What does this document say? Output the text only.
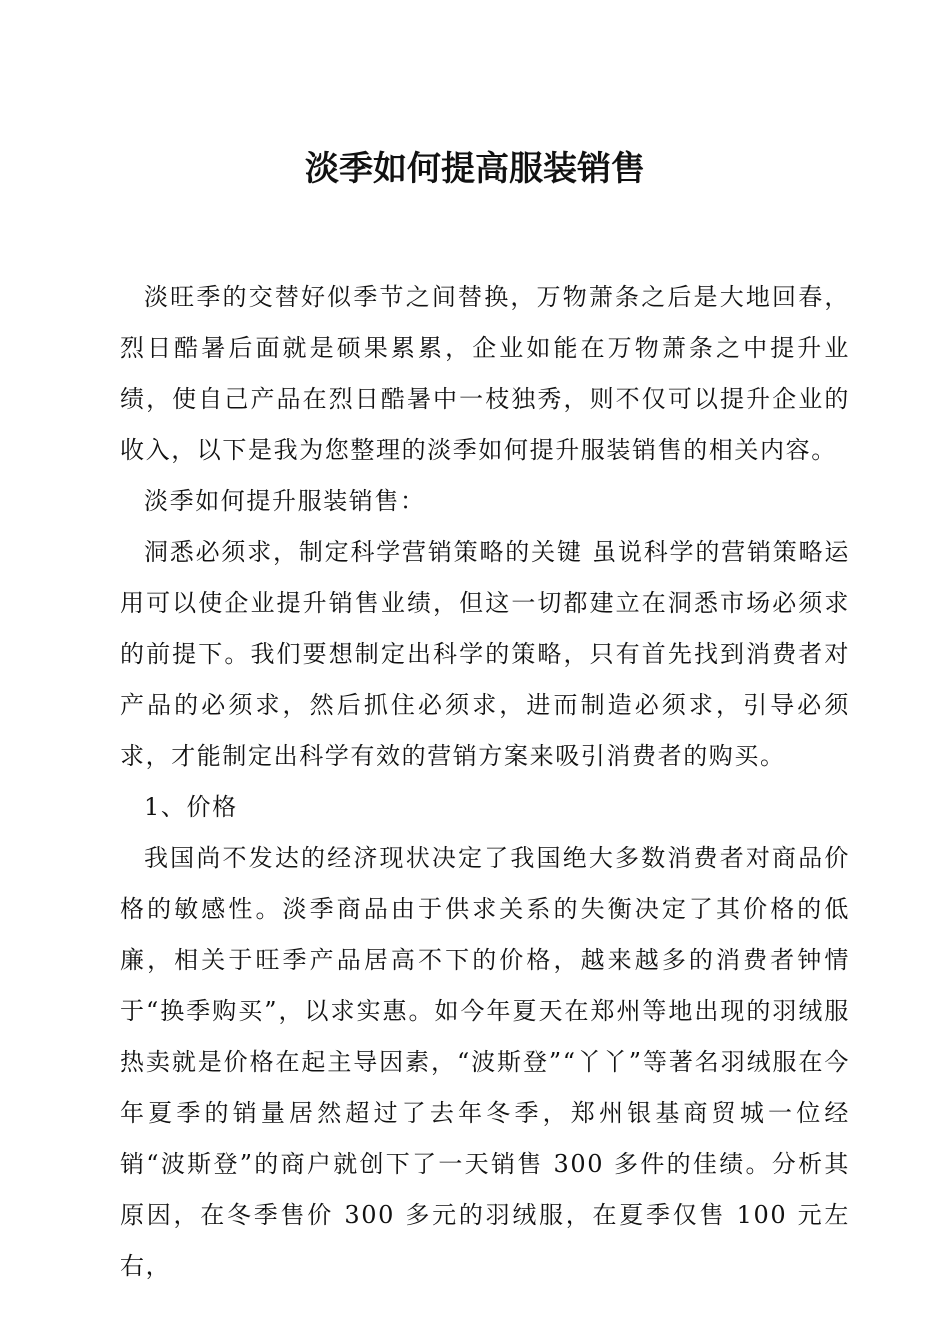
淡季如何提高服装销售

淡旺季的交替好似季节之间替换，万物萧条之后是大地回春，烈日酷暑后面就是硕果累累，企业如能在万物萧条之中提升业绩，使自己产品在烈日酷暑中一枝独秀，则不仅可以提升企业的收入，以下是我为您整理的淡季如何提升服装销售的相关内容。

淡季如何提升服装销售：

洞悉必须求，制定科学营销策略的关键 虽说科学的营销策略运用可以使企业提升销售业绩，但这一切都建立在洞悉市场必须求的前提下。我们要想制定出科学的策略，只有首先找到消费者对产品的必须求，然后抓住必须求，进而制造必须求，引导必须求，才能制定出科学有效的营销方案来吸引消费者的购买。

1、价格

我国尚不发达的经济现状决定了我国绝大多数消费者对商品价格的敏感性。淡季商品由于供求关系的失衡决定了其价格的低廉，相关于旺季产品居高不下的价格，越来越多的消费者钟情于“换季购买”，以求实惠。如今年夏天在郑州等地出现的羽绒服热卖就是价格在起主导因素，“波斯登”“丫丫”等著名羽绒服在今年夏季的销量居然超过了去年冬季，郑州银基商贸城一位经销“波斯登”的商户就创下了一天销售 300 多件的佳绩。分析其原因，在冬季售价 300 多元的羽绒服，在夏季仅售 100 元左右，
